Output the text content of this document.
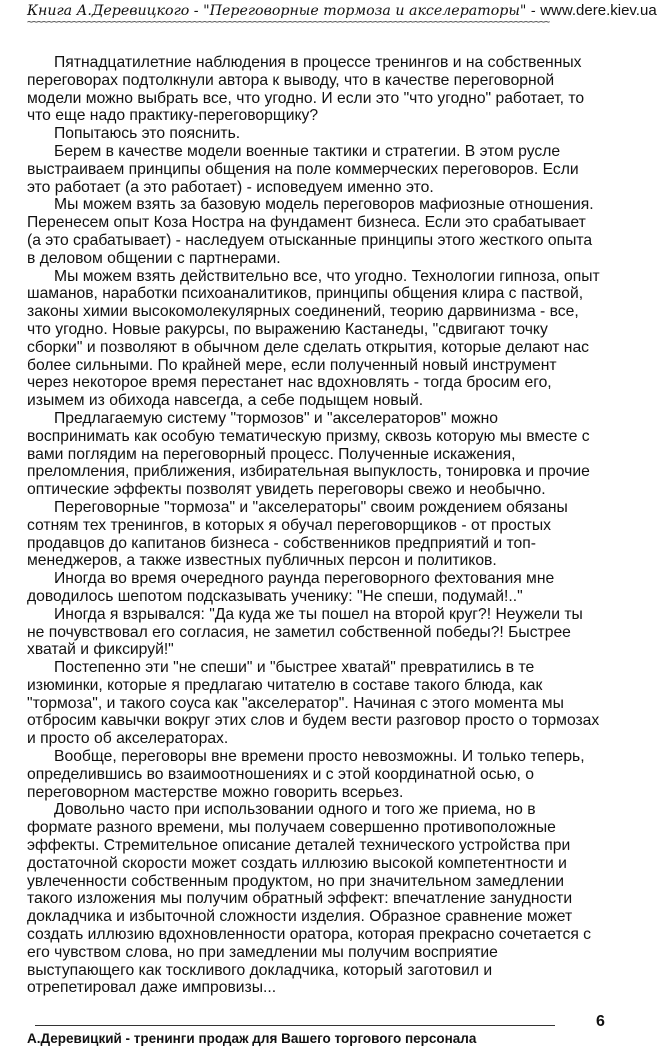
Книга А.Деревицкого - "Переговорные тормоза и акселераторы" - www.dere.kiev.ua
~~~~~~~~~~~~~~~~~~~~~~~~~~~~~~~~~~~~~~~~~~~~~~~~~~~~~~~~~~~~~~~~~~~~~~~~~~~~~~~~~~~~~~~~~~~~~~~~~~~~~~~~

Пятнадцатилетние наблюдения в процессе тренингов и на собственных переговорах подтолкнули автора к выводу, что в качестве переговорной модели можно выбрать все, что угодно. И если это "что угодно" работает, то что еще надо практику-переговорщику?

Попытаюсь это пояснить.

Берем в качестве модели военные тактики и стратегии. В этом русле выстраиваем принципы общения на поле коммерческих переговоров. Если это работает (а это работает) - исповедуем именно это.

Мы можем взять за базовую модель переговоров мафиозные отношения. Перенесем опыт Коза Ностра на фундамент бизнеса. Если это срабатывает (а это срабатывает) - наследуем отысканные принципы этого жесткого опыта в деловом общении с партнерами.

Мы можем взять действительно все, что угодно. Технологии гипноза, опыт шаманов, наработки психоаналитиков, принципы общения клира с паствой, законы химии высокомолекулярных соединений, теорию дарвинизма - все, что угодно. Новые ракурсы, по выражению Кастанеды, "сдвигают точку сборки" и позволяют в обычном деле сделать открытия, которые делают нас более сильными. По крайней мере, если полученный новый инструмент через некоторое время перестанет нас вдохновлять - тогда бросим его, изымем из обихода навсегда, а себе подыщем новый.

Предлагаемую систему "тормозов" и "акселераторов" можно воспринимать как особую тематическую призму, сквозь которую мы вместе с вами поглядим на переговорный процесс. Полученные искажения, преломления, приближения, избирательная выпуклость, тонировка и прочие оптические эффекты позволят увидеть переговоры свежо и необычно.

Переговорные "тормоза" и "акселераторы" своим рождением обязаны сотням тех тренингов, в которых я обучал переговорщиков - от простых продавцов до капитанов бизнеса - собственников предприятий и топ-менеджеров, а также известных публичных персон и политиков.

Иногда во время очередного раунда переговорного фехтования мне доводилось шепотом подсказывать ученику: "Не спеши, подумай!.."

Иногда я взрывался: "Да куда же ты пошел на второй круг?! Неужели ты не почувствовал его согласия, не заметил собственной победы?! Быстрее хватай и фиксируй!"

Постепенно эти "не спеши" и "быстрее хватай" превратились в те изюминки, которые я предлагаю читателю в составе такого блюда, как "тормоза", и такого соуса как "акселератор". Начиная с этого момента мы отбросим кавычки вокруг этих слов и будем вести разговор просто о тормозах и просто об акселераторах.

Вообще, переговоры вне времени просто невозможны. И только теперь, определившись во взаимоотношениях и с этой координатной осью, о переговорном мастерстве можно говорить всерьез.

Довольно часто при использовании одного и того же приема, но в формате разного времени, мы получаем совершенно противоположные эффекты. Стремительное описание деталей технического устройства при достаточной скорости может создать иллюзию высокой компетентности и увлеченности собственным продуктом, но при значительном замедлении такого изложения мы получим обратный эффект: впечатление занудности докладчика и избыточной сложности изделия. Образное сравнение может создать иллюзию вдохновленности оратора, которая прекрасно сочетается с его чувством слова, но при замедлении мы получим восприятие выступающего как тоскливого докладчика, который заготовил и отрепетировал даже импровизы...

6
А.Деревицкий - тренинги продаж для Вашего торгового персонала
